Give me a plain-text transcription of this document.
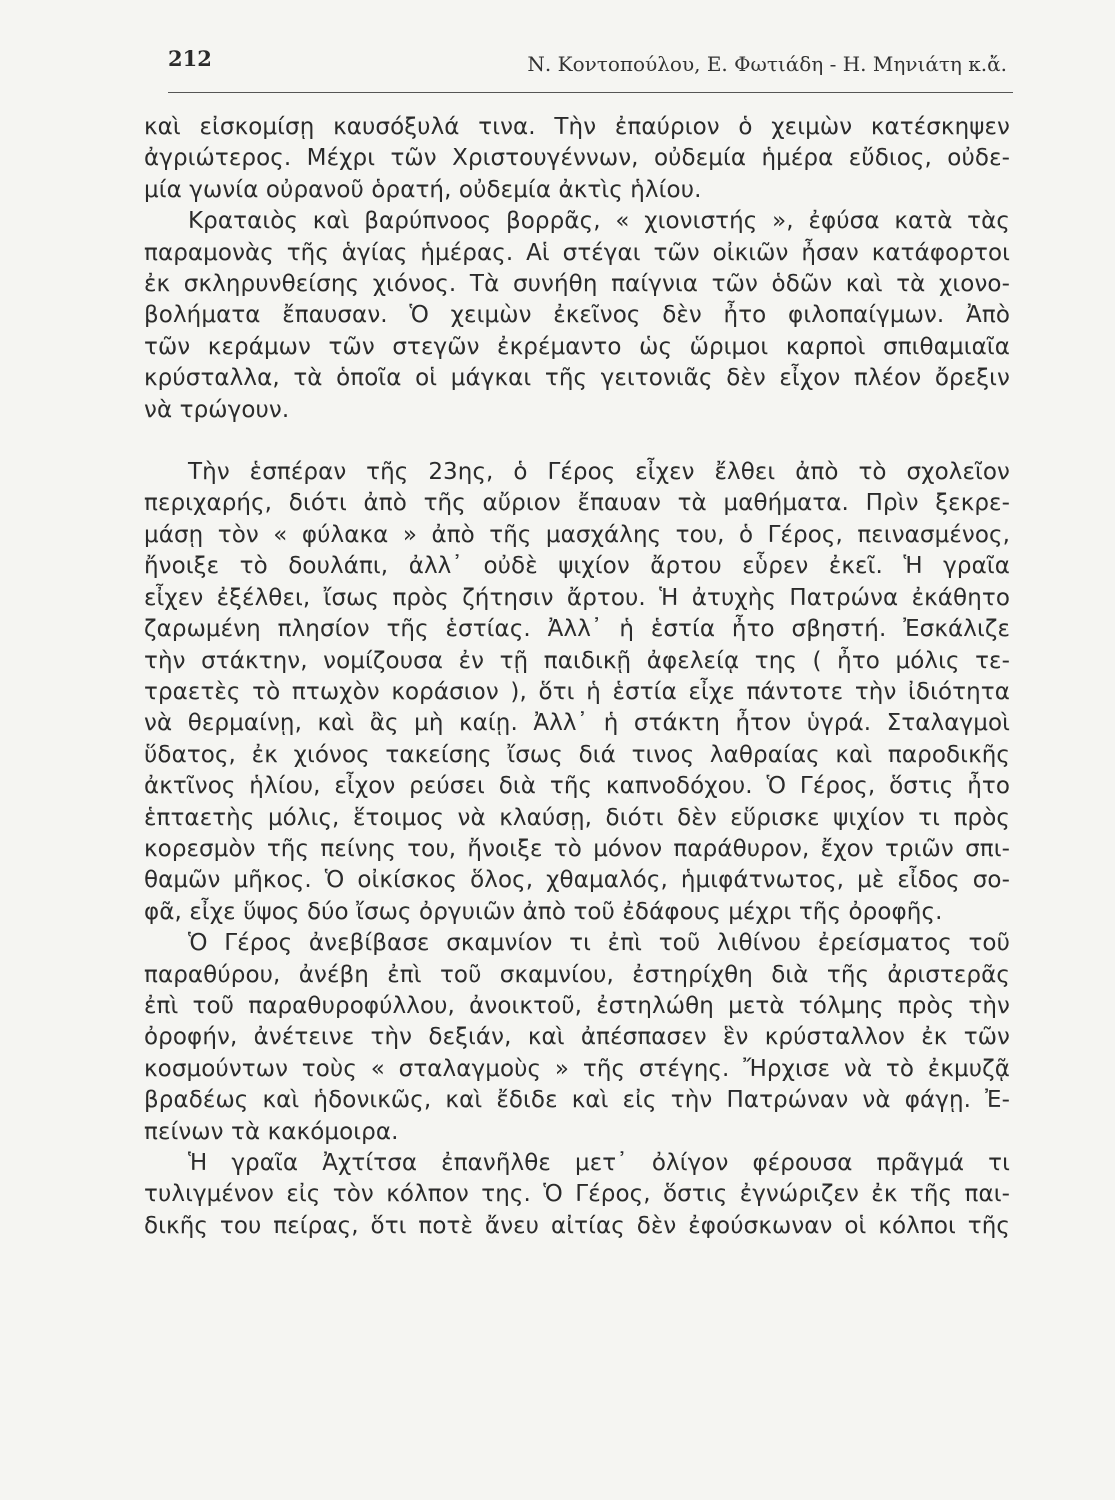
212	Ν. Κοντοπούλου, Ε. Φωτιάδη - Η. Μηνιάτη κ.ἄ.
καὶ εἰσκομίσῃ καυσόξυλά τινα. Τὴν ἐπαύριον ὁ χειμὼν κατέσκηψεν
ἀγριώτερος. Μέχρι τῶν Χριστουγέννων, οὐδεμία ἡμέρα εὔδιος, οὐδε-
μία γωνία οὐρανοῦ ὁρατή, οὐδεμία ἀκτὶς ἡλίου.
Κραταιὸς καὶ βαρύπνοος βορρᾶς, « χιονιστής », ἐφύσα κατὰ τὰς
παραμονὰς τῆς ἁγίας ἡμέρας. Αἱ στέγαι τῶν οἰκιῶν ἦσαν κατάφορτοι
ἐκ σκληρυνθείσης χιόνος. Τὰ συνήθη παίγνια τῶν ὁδῶν καὶ τὰ χιονο-
βολήματα ἔπαυσαν. Ὁ χειμὼν ἐκεῖνος δὲν ἦτο φιλοπαίγμων. Ἀπὸ
τῶν κεράμων τῶν στεγῶν ἐκρέμαντο ὡς ὥριμοι καρποὶ σπιθαμιαῖα
κρύσταλλα, τὰ ὁποῖα οἱ μάγκαι τῆς γειτονιᾶς δὲν εἶχον πλέον ὄρεξιν
νὰ τρώγουν.
Τὴν ἑσπέραν τῆς 23ης, ὁ Γέρος εἶχεν ἔλθει ἀπὸ τὸ σχολεῖον
περιχαρής, διότι ἀπὸ τῆς αὔριον ἔπαυαν τὰ μαθήματα. Πρὶν ξεκρε-
μάσῃ τὸν « φύλακα » ἀπὸ τῆς μασχάλης του, ὁ Γέρος, πεινασμένος,
ἤνοιξε τὸ δουλάπι, ἀλλ᾿ οὐδὲ ψιχίον ἄρτου εὗρεν ἐκεῖ. Ἡ γραῖα
εἶχεν ἐξέλθει, ἴσως πρὸς ζήτησιν ἄρτου. Ἡ ἀτυχὴς Πατρώνα ἐκάθητο
ζαρωμένη πλησίον τῆς ἑστίας. Ἀλλ᾿ ἡ ἑστία ἦτο σβηστή. Ἐσκάλιζε
τὴν στάκτην, νομίζουσα ἐν τῇ παιδικῇ ἀφελείᾳ της ( ἦτο μόλις τε-
τραετὲς τὸ πτωχὸν κοράσιον ), ὅτι ἡ ἑστία εἶχε πάντοτε τὴν ἰδιότητα
νὰ θερμαίνῃ, καὶ ἂς μὴ καίῃ. Ἀλλ᾿ ἡ στάκτη ἦτον ὑγρά. Σταλαγμοὶ
ὕδατος, ἐκ χιόνος τακείσης ἴσως διά τινος λαθραίας καὶ παροδικῆς
ἀκτῖνος ἡλίου, εἶχον ρεύσει διὰ τῆς καπνοδόχου. Ὁ Γέρος, ὅστις ἦτο
ἑπταετὴς μόλις, ἕτοιμος νὰ κλαύσῃ, διότι δὲν εὕρισκε ψιχίον τι πρὸς
κορεσμὸν τῆς πείνης του, ἤνοιξε τὸ μόνον παράθυρον, ἔχον τριῶν σπι-
θαμῶν μῆκος. Ὁ οἰκίσκος ὅλος, χθαμαλός, ἡμιφάτνωτος, μὲ εἶδος σο-
φᾶ, εἶχε ὕψος δύο ἴσως ὀργυιῶν ἀπὸ τοῦ ἐδάφους μέχρι τῆς ὀροφῆς.
Ὁ Γέρος ἀνεβίβασε σκαμνίον τι ἐπὶ τοῦ λιθίνου ἐρείσματος τοῦ
παραθύρου, ἀνέβη ἐπὶ τοῦ σκαμνίου, ἐστηρίχθη διὰ τῆς ἀριστερᾶς
ἐπὶ τοῦ παραθυροφύλλου, ἀνοικτοῦ, ἐστηλώθη μετὰ τόλμης πρὸς τὴν
ὀροφήν, ἀνέτεινε τὴν δεξιάν, καὶ ἀπέσπασεν ἓν κρύσταλλον ἐκ τῶν
κοσμούντων τοὺς « σταλαγμοὺς » τῆς στέγης. Ἤρχισε νὰ τὸ ἐκμυζᾷ
βραδέως καὶ ἡδονικῶς, καὶ ἔδιδε καὶ εἰς τὴν Πατρώναν νὰ φάγῃ. Ἐ-
πείνων τὰ κακόμοιρα.
Ἡ γραῖα Ἀχτίτσα ἐπανῆλθε μετ᾿ ὀλίγον φέρουσα πρᾶγμά τι
τυλιγμένον εἰς τὸν κόλπον της. Ὁ Γέρος, ὅστις ἐγνώριζεν ἐκ τῆς παι-
δικῆς του πείρας, ὅτι ποτὲ ἄνευ αἰτίας δὲν ἐφούσκωναν οἱ κόλποι τῆς
